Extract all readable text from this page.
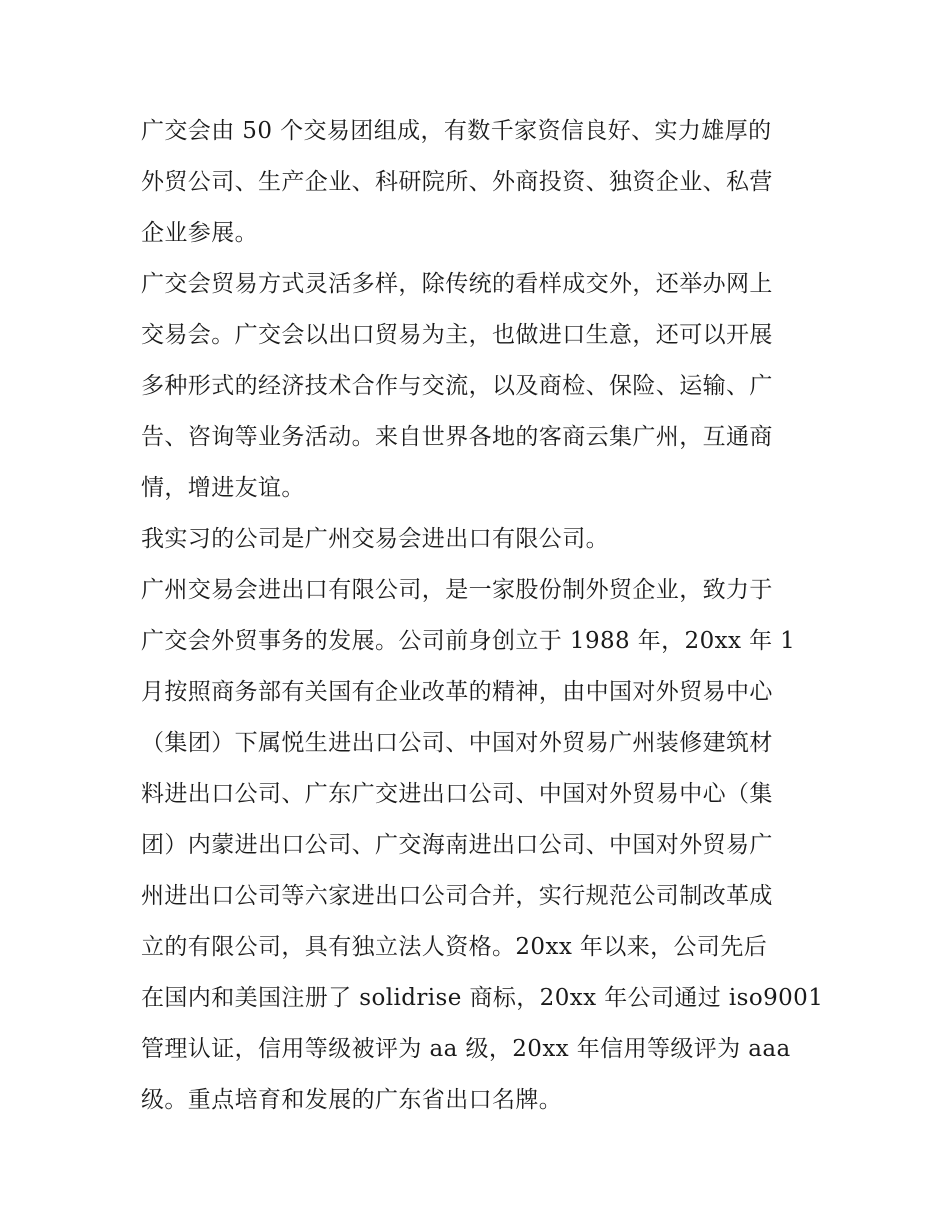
广交会由 50 个交易团组成，有数千家资信良好、实力雄厚的
外贸公司、生产企业、科研院所、外商投资、独资企业、私营
企业参展。
广交会贸易方式灵活多样，除传统的看样成交外，还举办网上
交易会。广交会以出口贸易为主，也做进口生意，还可以开展
多种形式的经济技术合作与交流，以及商检、保险、运输、广
告、咨询等业务活动。来自世界各地的客商云集广州，互通商
情，增进友谊。
我实习的公司是广州交易会进出口有限公司。
广州交易会进出口有限公司，是一家股份制外贸企业，致力于
广交会外贸事务的发展。公司前身创立于 1988 年，20xx 年 1
月按照商务部有关国有企业改革的精神，由中国对外贸易中心
（集团）下属悦生进出口公司、中国对外贸易广州装修建筑材
料进出口公司、广东广交进出口公司、中国对外贸易中心（集
团）内蒙进出口公司、广交海南进出口公司、中国对外贸易广
州进出口公司等六家进出口公司合并，实行规范公司制改革成
立的有限公司，具有独立法人资格。20xx 年以来，公司先后
在国内和美国注册了 solidrise 商标，20xx 年公司通过 iso9001
管理认证，信用等级被评为 aa 级，20xx 年信用等级评为 aaa
级。重点培育和发展的广东省出口名牌。
